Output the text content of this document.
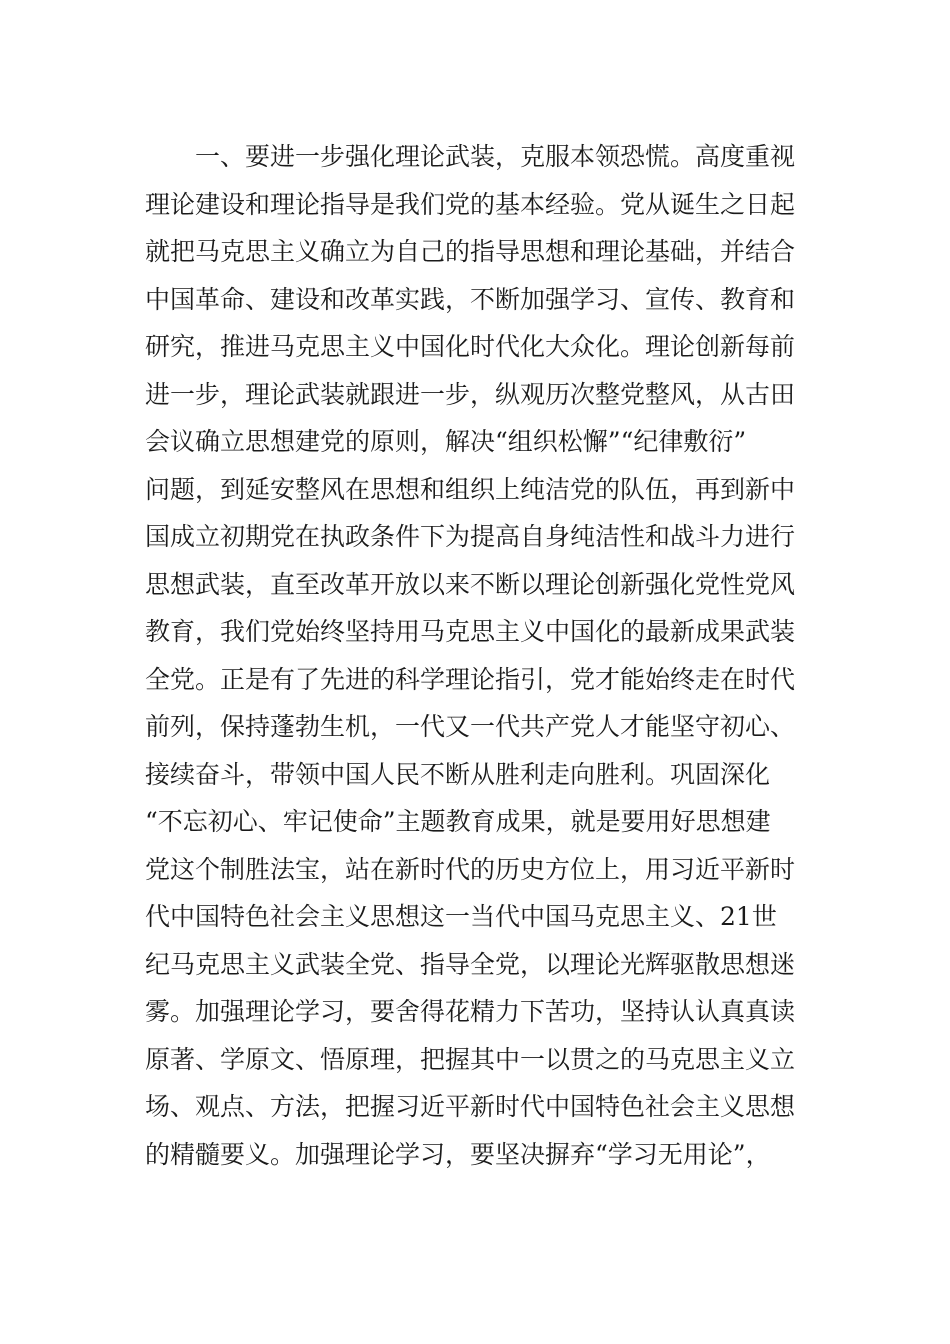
　　一、要进一步强化理论武装，克服本领恐慌。高度重视
理论建设和理论指导是我们党的基本经验。党从诞生之日起
就把马克思主义确立为自己的指导思想和理论基础，并结合
中国革命、建设和改革实践，不断加强学习、宣传、教育和
研究，推进马克思主义中国化时代化大众化。理论创新每前
进一步，理论武装就跟进一步，纵观历次整党整风，从古田
会议确立思想建党的原则，解决“组织松懈”“纪律敷衍”
问题，到延安整风在思想和组织上纯洁党的队伍，再到新中
国成立初期党在执政条件下为提高自身纯洁性和战斗力进行
思想武装，直至改革开放以来不断以理论创新强化党性党风
教育，我们党始终坚持用马克思主义中国化的最新成果武装
全党。正是有了先进的科学理论指引，党才能始终走在时代
前列，保持蓬勃生机，一代又一代共产党人才能坚守初心、
接续奋斗，带领中国人民不断从胜利走向胜利。巩固深化
“不忘初心、牢记使命”主题教育成果，就是要用好思想建
党这个制胜法宝，站在新时代的历史方位上，用习近平新时
代中国特色社会主义思想这一当代中国马克思主义、21世
纪马克思主义武装全党、指导全党，以理论光辉驱散思想迷
雾。加强理论学习，要舍得花精力下苦功，坚持认认真真读
原著、学原文、悟原理，把握其中一以贯之的马克思主义立
场、观点、方法，把握习近平新时代中国特色社会主义思想
的精髓要义。加强理论学习，要坚决摒弃“学习无用论”，
